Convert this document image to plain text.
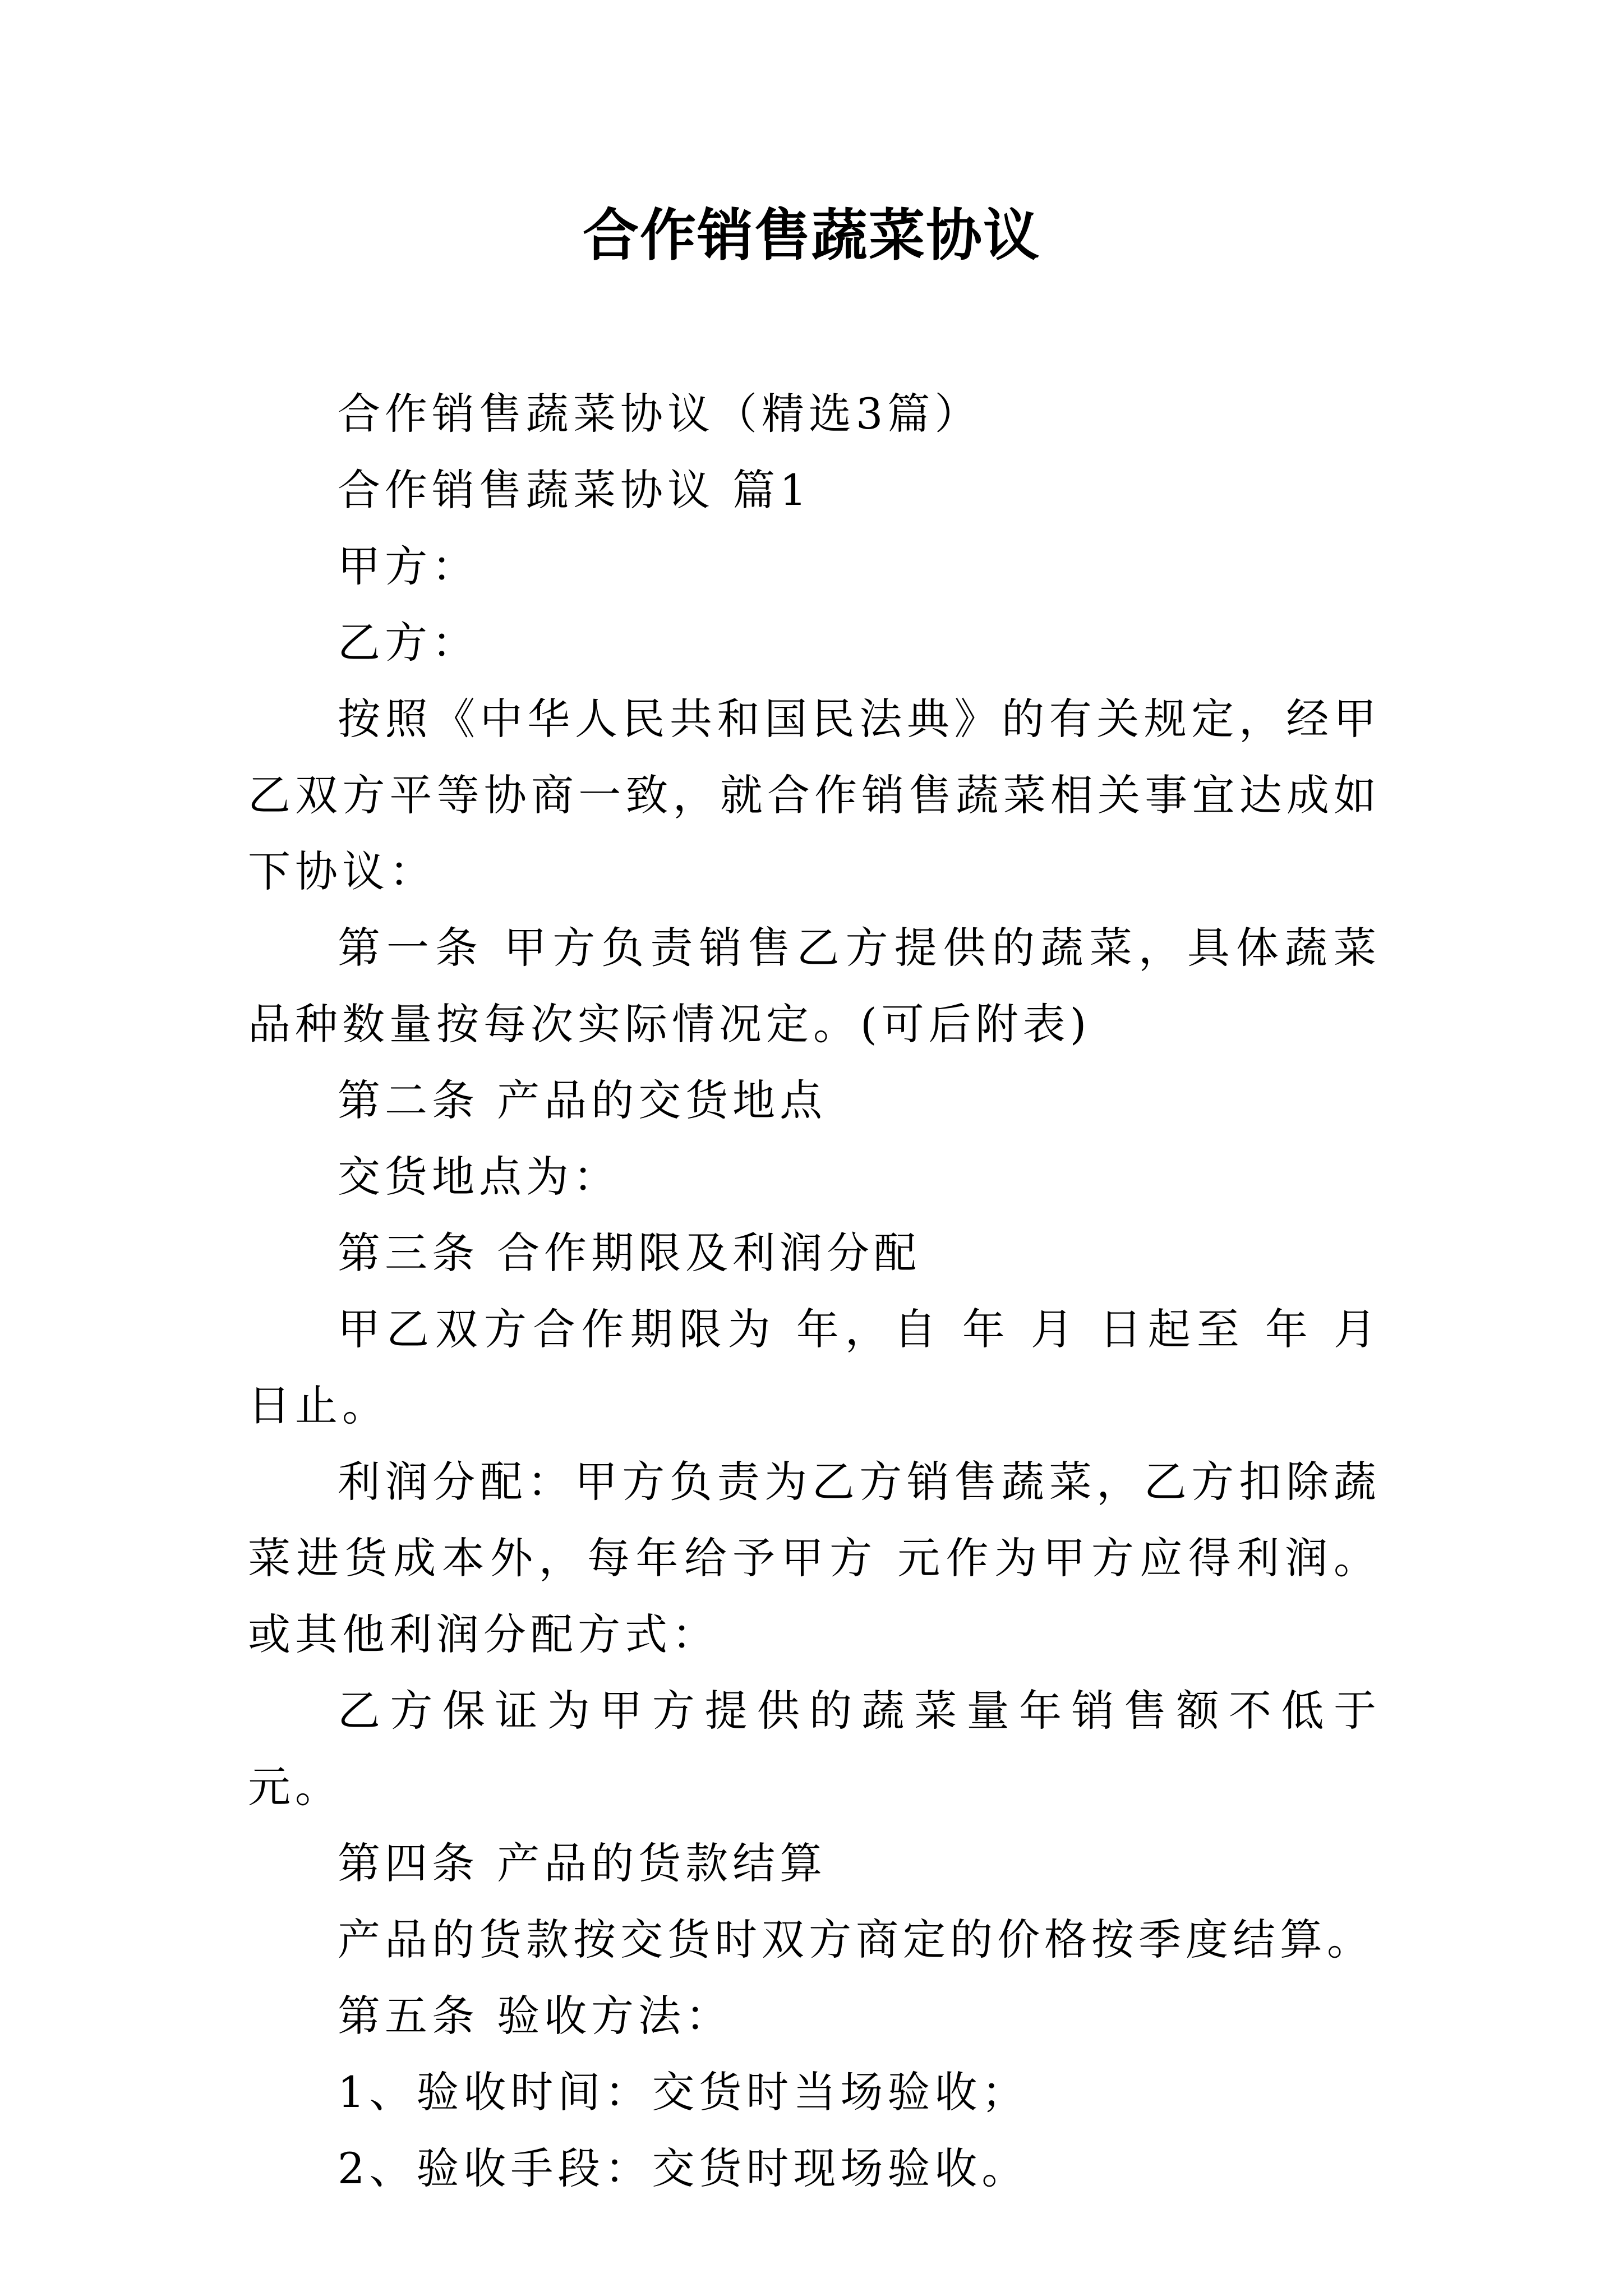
合作销售蔬菜协议

合作销售蔬菜协议（精选3篇）

合作销售蔬菜协议 篇1

甲方：

乙方：

按照《中华人民共和国民法典》的有关规定，经甲乙双方平等协商一致，就合作销售蔬菜相关事宜达成如下协议：

第一条 甲方负责销售乙方提供的蔬菜，具体蔬菜品种数量按每次实际情况定。(可后附表)

第二条 产品的交货地点

交货地点为：

第三条 合作期限及利润分配

甲乙双方合作期限为 年，自 年 月 日起至 年 月 日止。

利润分配：甲方负责为乙方销售蔬菜，乙方扣除蔬菜进货成本外，每年给予甲方 元作为甲方应得利润。或其他利润分配方式：

乙方保证为甲方提供的蔬菜量年销售额不低于 元。

第四条 产品的货款结算

产品的货款按交货时双方商定的价格按季度结算。

第五条 验收方法：

1、验收时间：交货时当场验收；

2、验收手段：交货时现场验收。
